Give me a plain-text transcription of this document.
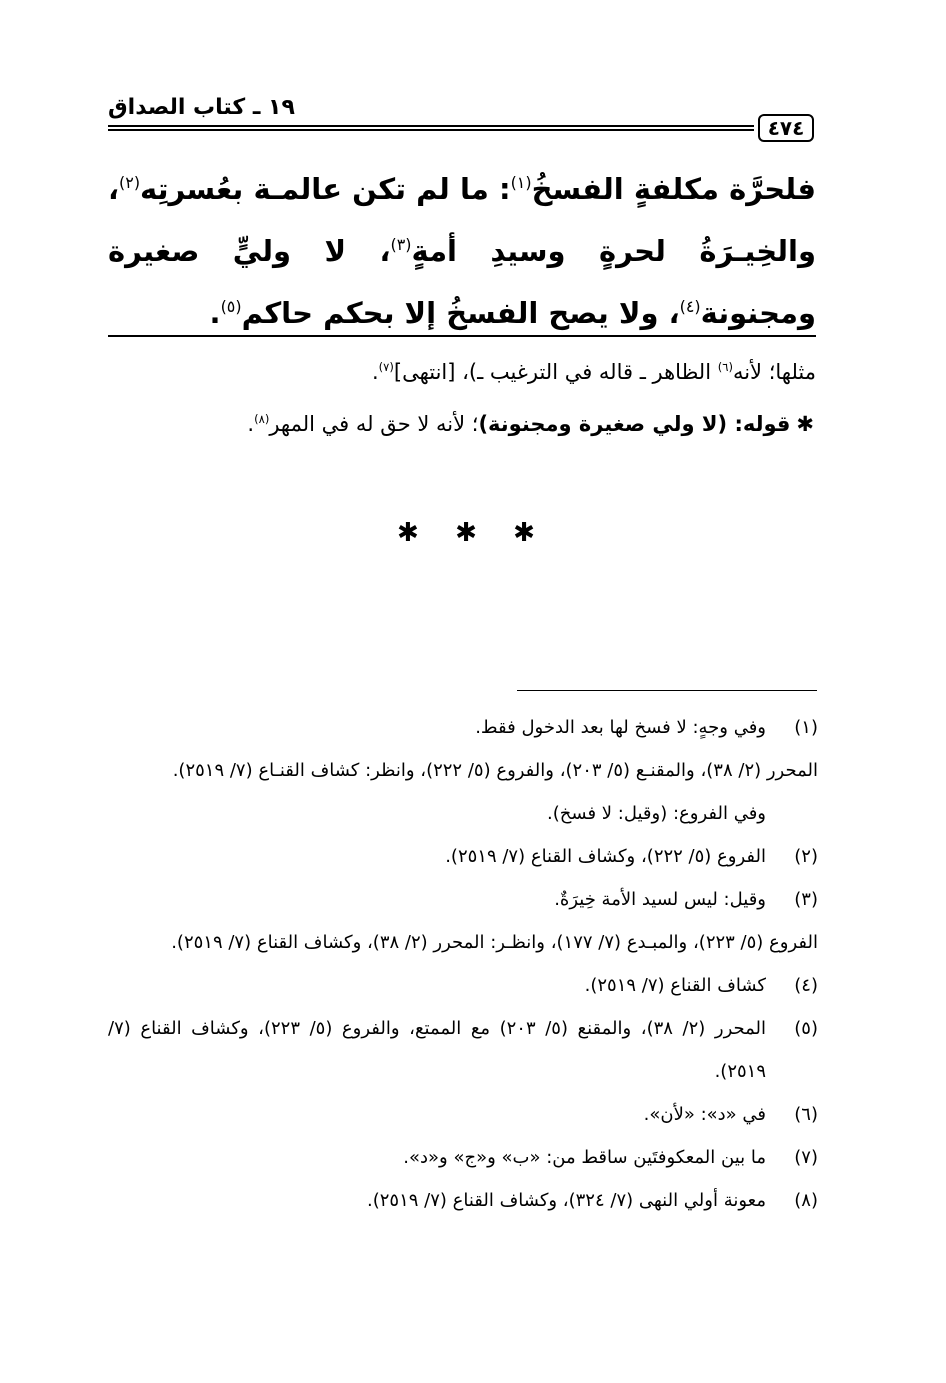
١٩ ـ كتاب الصداق
٤٧٤
فلحرَّة مكلفةٍ الفسخُ$^{(١)}$: ما لم تكن عالمـة بعُسرتِه$^{(٢)}$، والخِيـرَةُ لحرةٍ وسيدِ أمةٍ$^{(٣)}$، لا وليٍّ صغيرة ومجنونة$^{(٤)}$، ولا يصح الفسخُ إلا بحكم حاكم$^{(٥)}$.

مثلها؛ لأنه$^{(٦)}$ الظاهر ـ قاله في الترغيب ـ)، [انتهى]$^{(٧)}$.

✱قوله: (لا ولي صغيرة ومجنونة)؛ لأنه لا حق له في المهر$^{(٨)}$.

✱ ✱ ✱
(١)
وفي وجهٍ: لا فسخ لها بعد الدخول فقط.
المحرر (٢/ ٣٨)، والمقنـع (٥/ ٢٠٣)، والفروع (٥/ ٢٢٢)، وانظر: كشاف القنـاع (٧/ ٢٥١٩).
وفي الفروع: (وقيل: لا فسخ).
(٢)
الفروع (٥/ ٢٢٢)، وكشاف القناع (٧/ ٢٥١٩).
(٣)
وقيل: ليس لسيد الأمة خِيرَةٌ.
الفروع (٥/ ٢٢٣)، والمبـدع (٧/ ١٧٧)، وانظـر: المحرر (٢/ ٣٨)، وكشاف القناع (٧/ ٢٥١٩).
(٤)
كشاف القناع (٧/ ٢٥١٩).
(٥)
المحرر (٢/ ٣٨)، والمقنع (٥/ ٢٠٣) مع الممتع، والفروع (٥/ ٢٢٣)، وكشاف القناع (٧/ ٢٥١٩).
(٦)
في «د»: «لأن».
(٧)
ما بين المعكوفتَين ساقط من: «ب» و«ج» و«د».
(٨)
معونة أولي النهى (٧/ ٣٢٤)، وكشاف القناع (٧/ ٢٥١٩).
